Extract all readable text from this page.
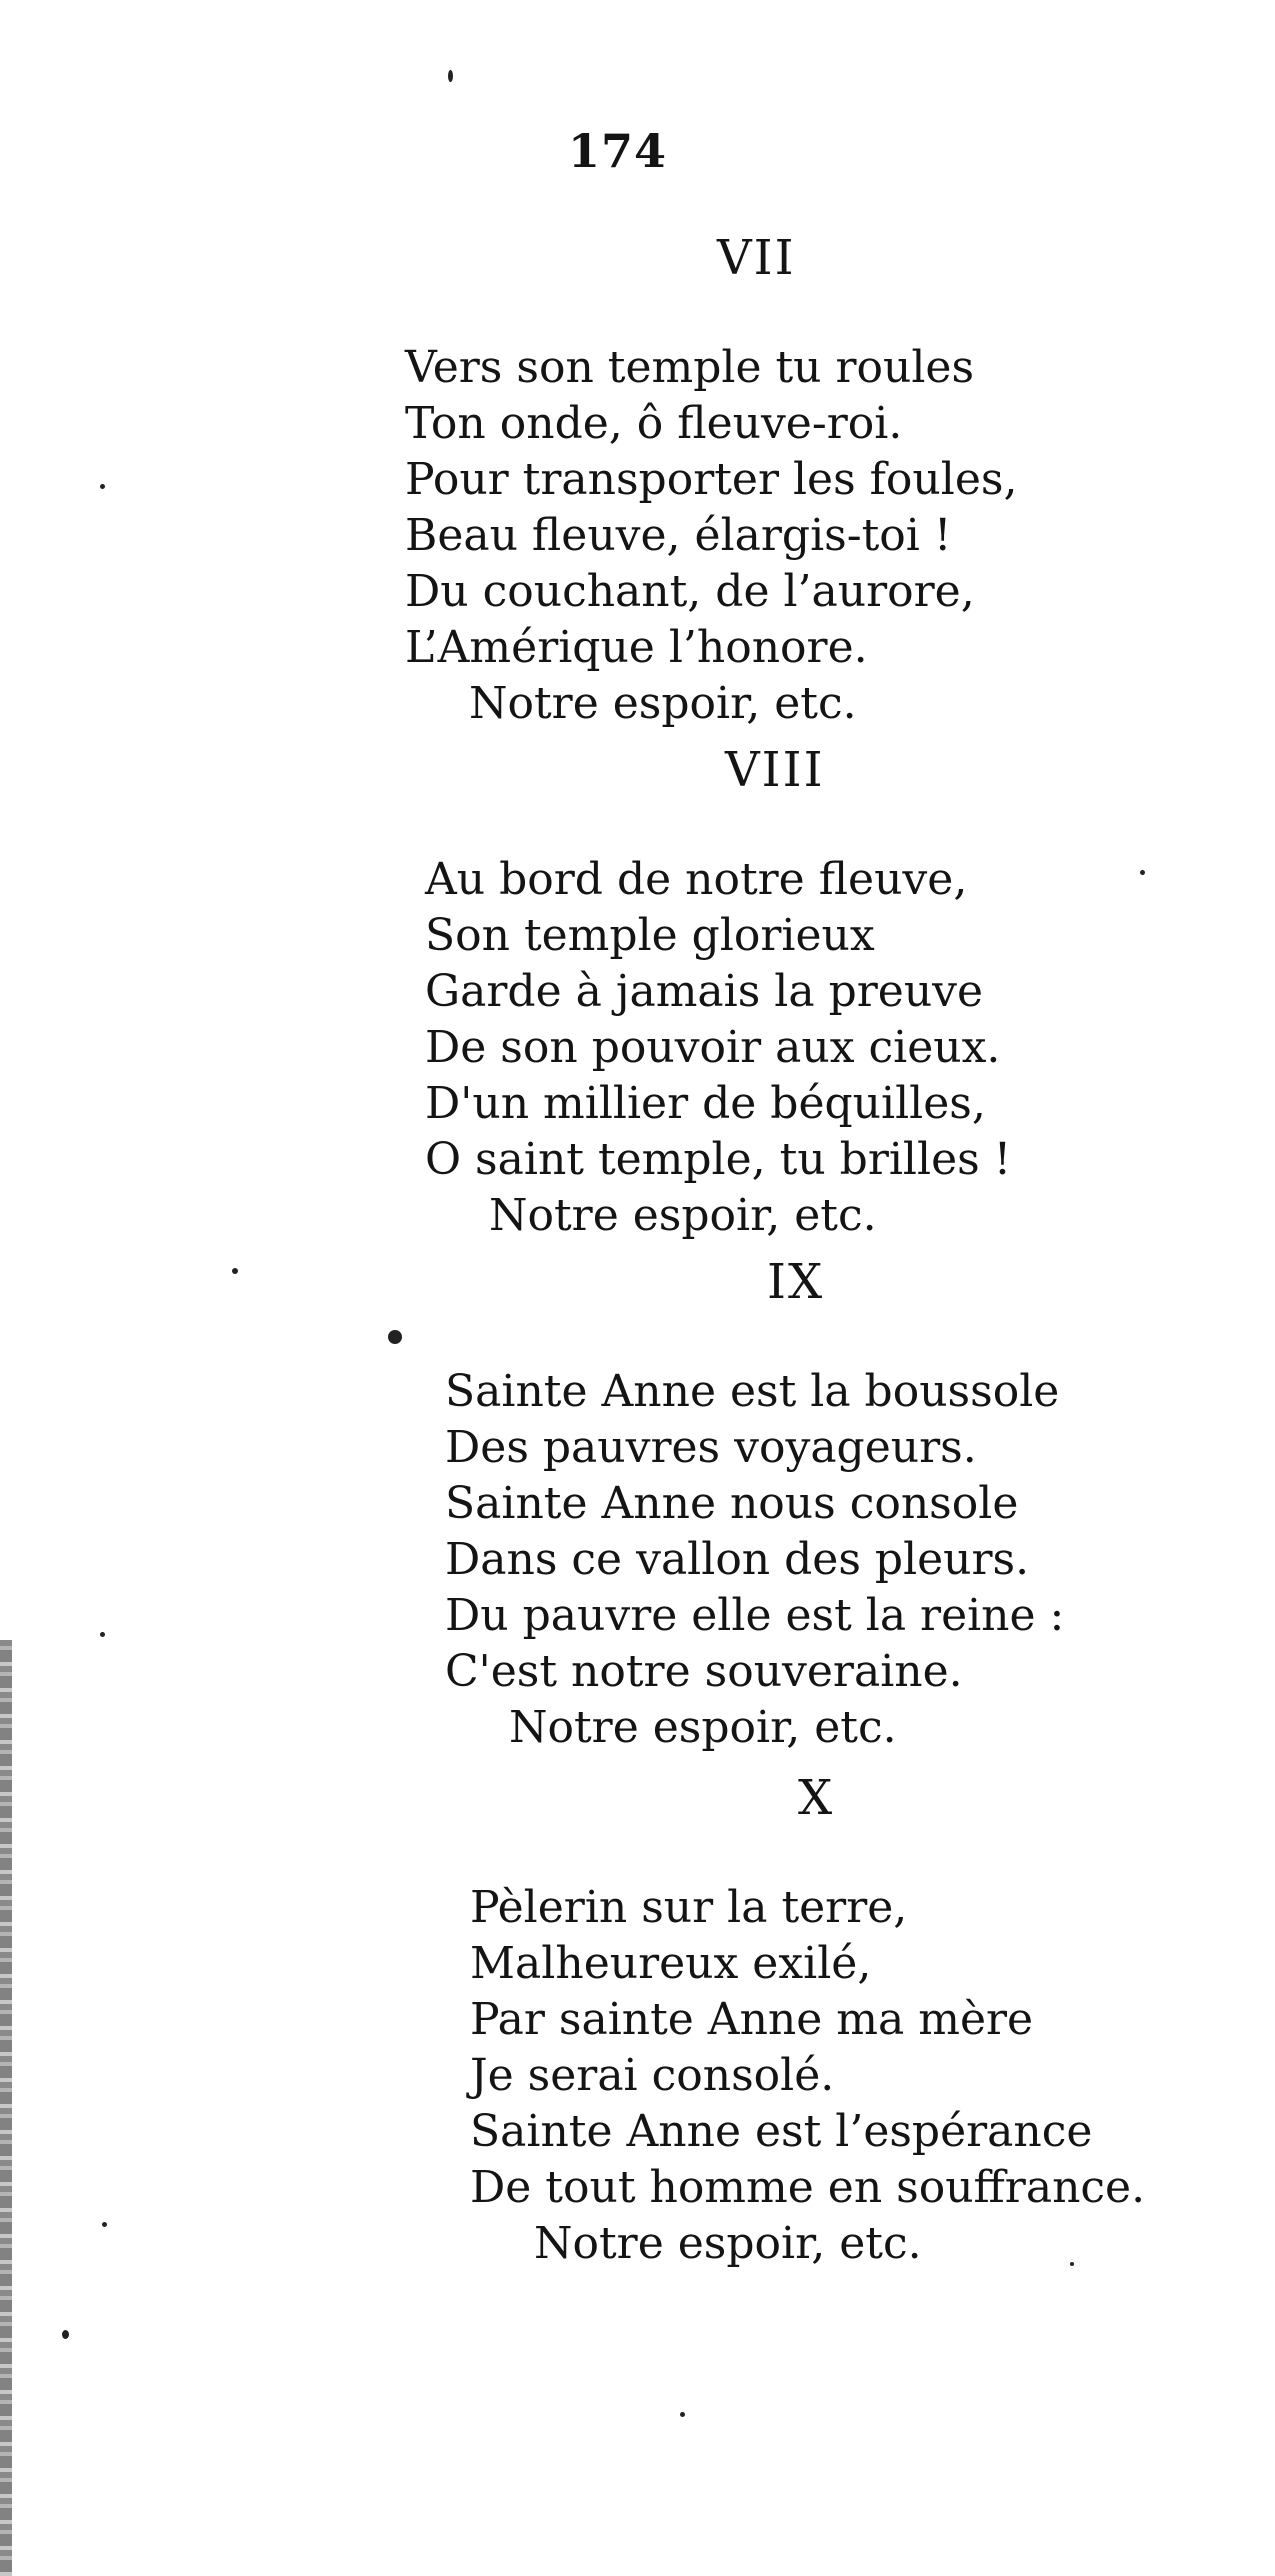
174
VII
Vers son temple tu roules
Ton onde, ô fleuve-roi.
Pour transporter les foules,
Beau fleuve, élargis-toi !
Du couchant, de l’aurore,
L’Amérique l’honore.
Notre espoir, etc.
VIII
Au bord de notre fleuve,
Son temple glorieux
Garde à jamais la preuve
De son pouvoir aux cieux.
D'un millier de béquilles,
O saint temple, tu brilles !
Notre espoir, etc.
IX
Sainte Anne est la boussole
Des pauvres voyageurs.
Sainte Anne nous console
Dans ce vallon des pleurs.
Du pauvre elle est la reine :
C'est notre souveraine.
Notre espoir, etc.
X
Pèlerin sur la terre,
Malheureux exilé,
Par sainte Anne ma mère
Je serai consolé.
Sainte Anne est l’espérance
De tout homme en souffrance.
Notre espoir, etc.
